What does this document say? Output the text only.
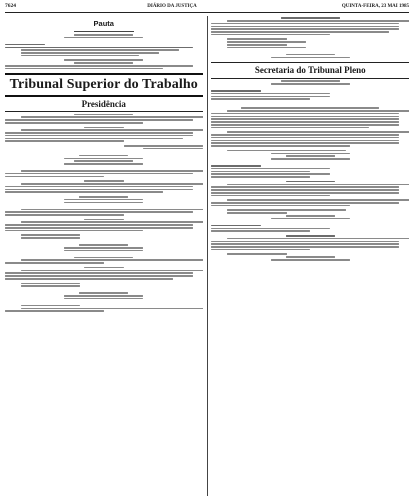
7624	DIÁRIO DA JUSTIÇA	QUINTA-FEIRA, 23 MAI 1985
Pauta
Tribunal Superior do Trabalho
Presidência
Secretaria do Tribunal Pleno
